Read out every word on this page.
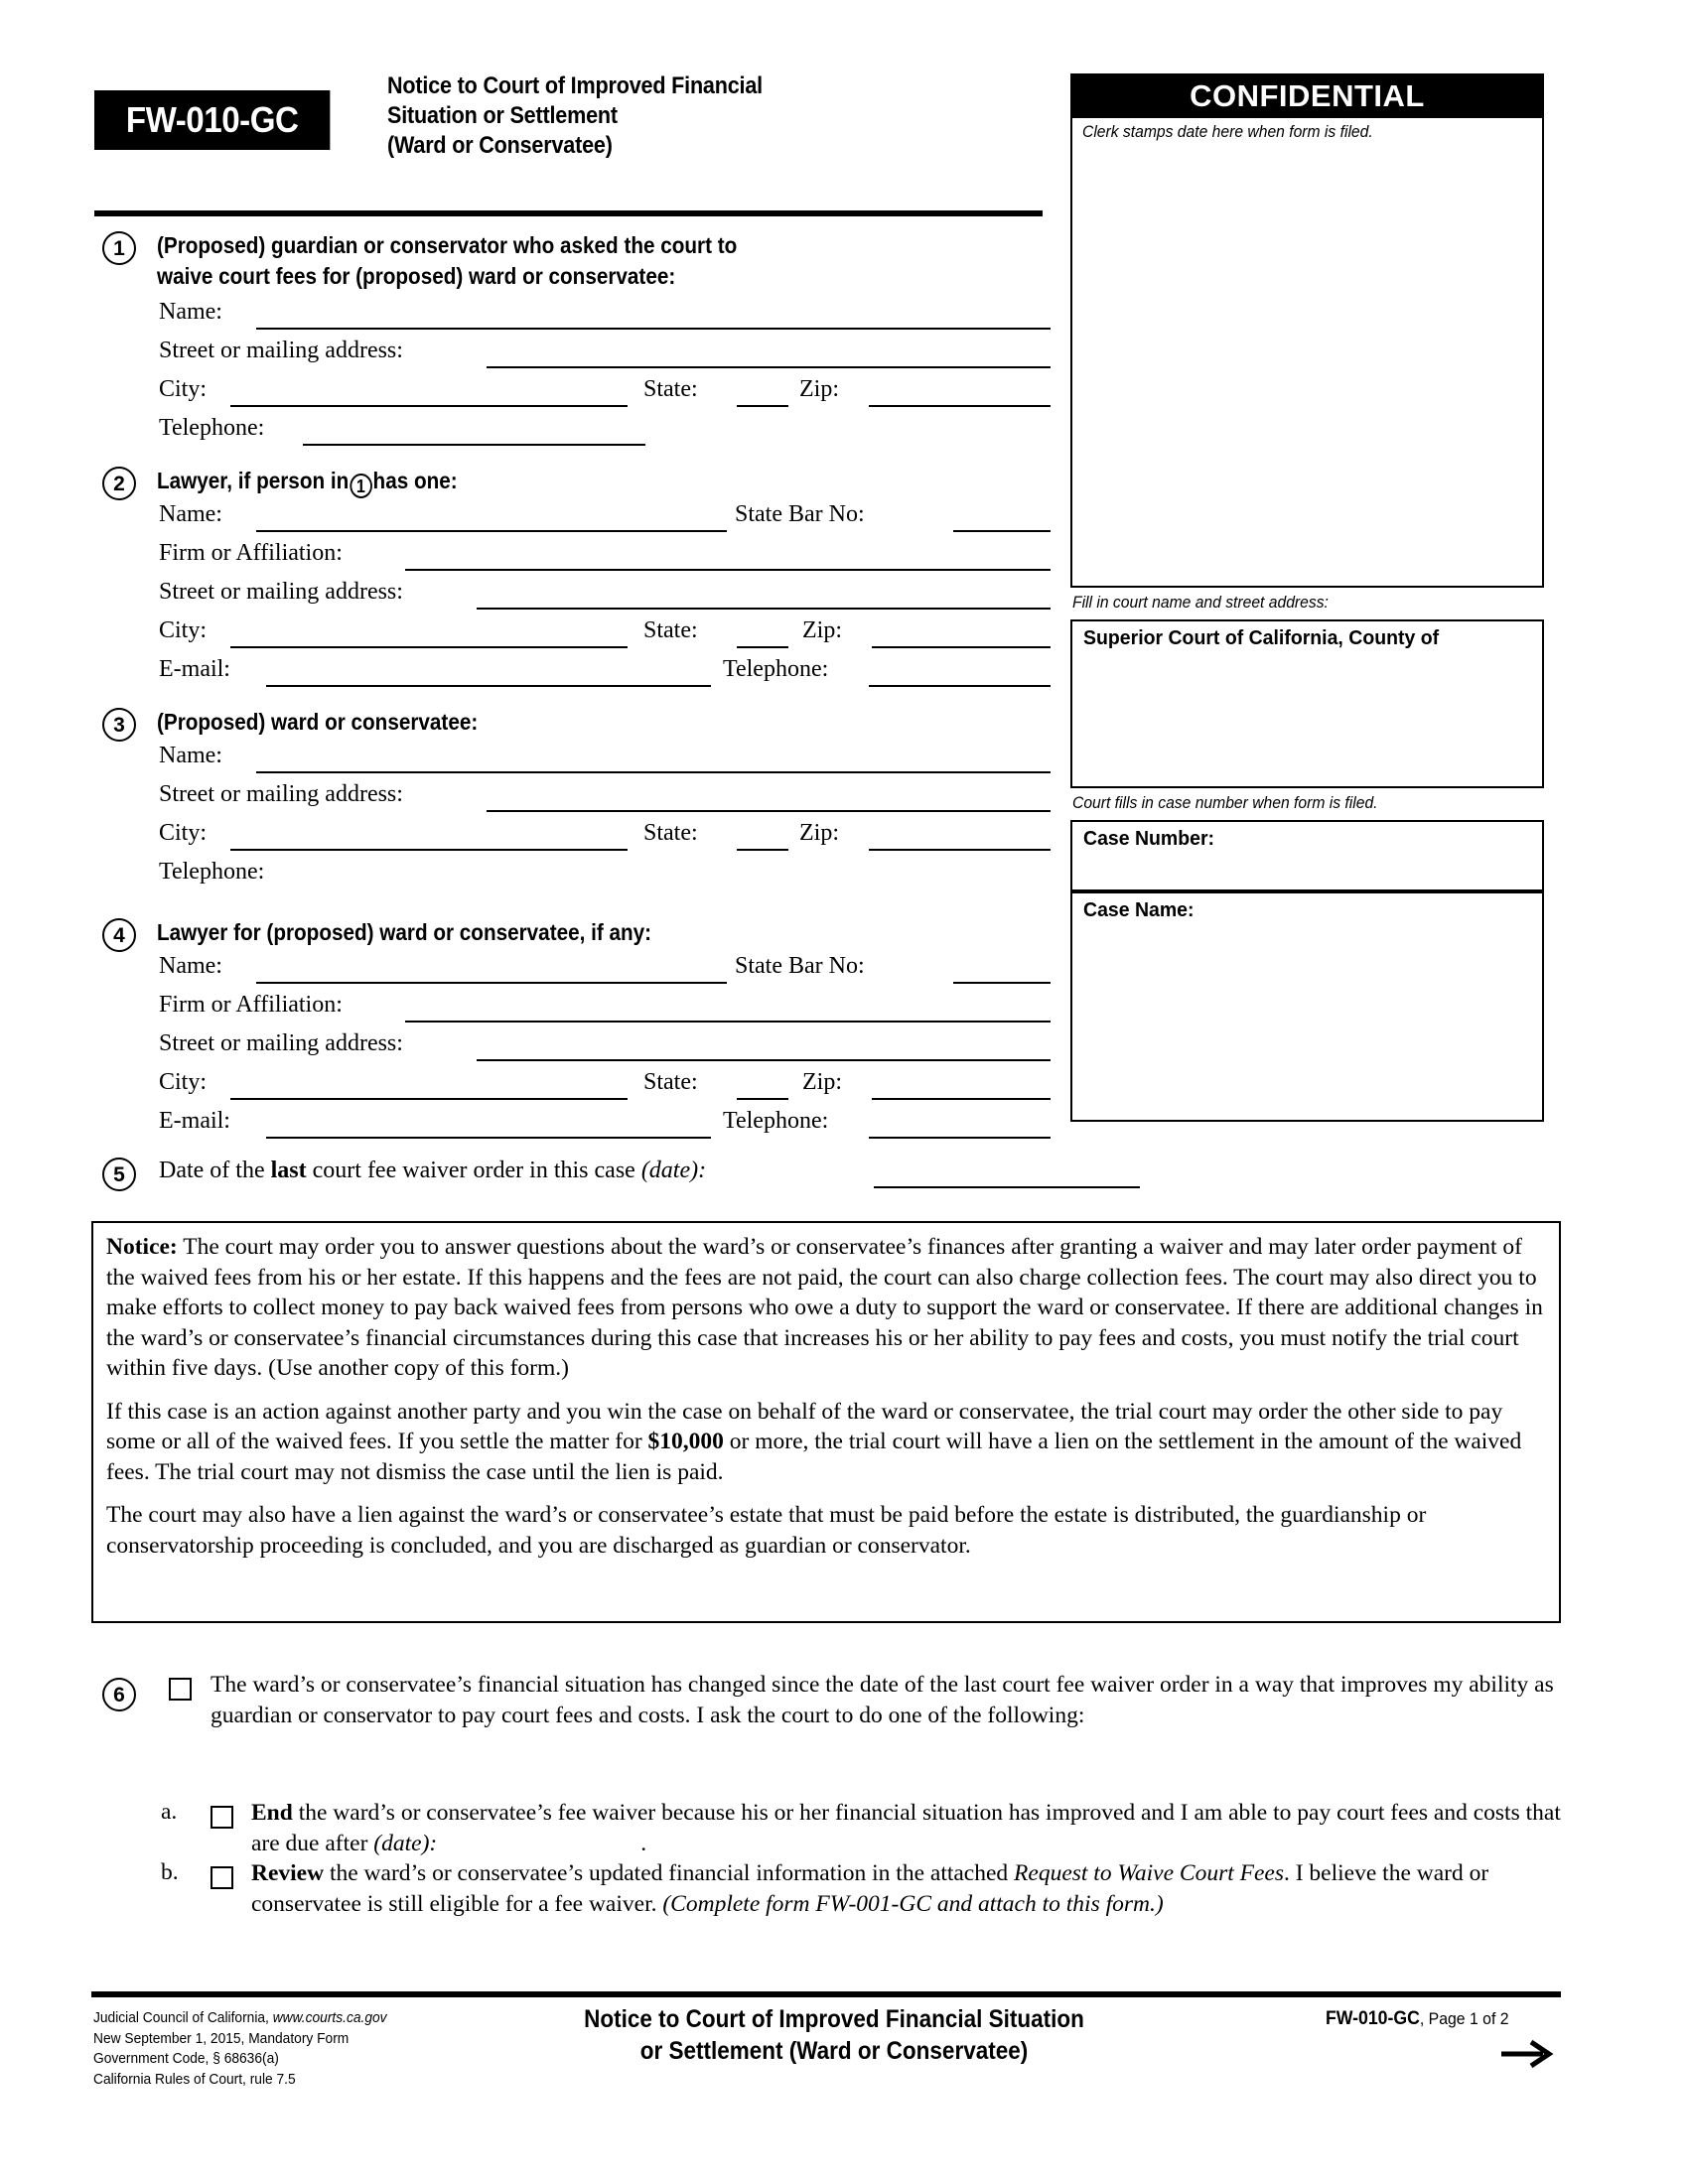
FW-010-GC
Notice to Court of Improved Financial
Situation or Settlement
(Ward or Conservatee)
CONFIDENTIAL
Clerk stamps date here when form is filed.
Fill in court name and street address:
Superior Court of California, County of
Court fills in case number when form is filed.
Case Number:
Case Name:
1	(Proposed) guardian or conservator who asked the court to
waive court fees for (proposed) ward or conservatee:
Name:
Street or mailing address:
City:	State:	Zip:
Telephone:
2	Lawyer, if person in 1 has one:
Name:	State Bar No:
Firm or Affiliation:
Street or mailing address:
City:	State:	Zip:
E-mail:	Telephone:
3	(Proposed) ward or conservatee:
Name:
Street or mailing address:
City:	State:	Zip:
Telephone:
4	Lawyer for (proposed) ward or conservatee, if any:
Name:	State Bar No:
Firm or Affiliation:
Street or mailing address:
City:	State:	Zip:
E-mail:	Telephone:
5	Date of the last court fee waiver order in this case (date):

Notice: The court may order you to answer questions about the ward’s or conservatee’s finances after granting a waiver and may later order payment of the waived fees from his or her estate. If this happens and the fees are not paid, the court can also charge collection fees. The court may also direct you to make efforts to collect money to pay back waived fees from persons who owe a duty to support the ward or conservatee. If there are additional changes in the ward’s or conservatee’s financial circumstances during this case that increases his or her ability to pay fees and costs, you must notify the trial court within five days. (Use another copy of this form.)

If this case is an action against another party and you win the case on behalf of the ward or conservatee, the trial court may order the other side to pay some or all of the waived fees. If you settle the matter for $10,000 or more, the trial court will have a lien on the settlement in the amount of the waived fees. The trial court may not dismiss the case until the lien is paid.

The court may also have a lien against the ward’s or conservatee’s estate that must be paid before the estate is distributed, the guardianship or conservatorship proceeding is concluded, and you are discharged as guardian or conservator.

6	The ward’s or conservatee’s financial situation has changed since the date of the last court fee waiver order in a way that improves my ability as guardian or conservator to pay court fees and costs. I ask the court to do one of the following:
a.	End the ward’s or conservatee’s fee waiver because his or her financial situation has improved and I am able to pay court fees and costs that are due after (date):	.
b.	Review the ward’s or conservatee’s updated financial information in the attached Request to Waive Court Fees. I believe the ward or conservatee is still eligible for a fee waiver. (Complete form FW-001-GC and attach to this form.)
Judicial Council of California, www.courts.ca.gov
New September 1, 2015, Mandatory Form
Government Code, § 68636(a)
California Rules of Court, rule 7.5
Notice to Court of Improved Financial Situation
or Settlement (Ward or Conservatee)
FW-010-GC, Page 1 of 2
